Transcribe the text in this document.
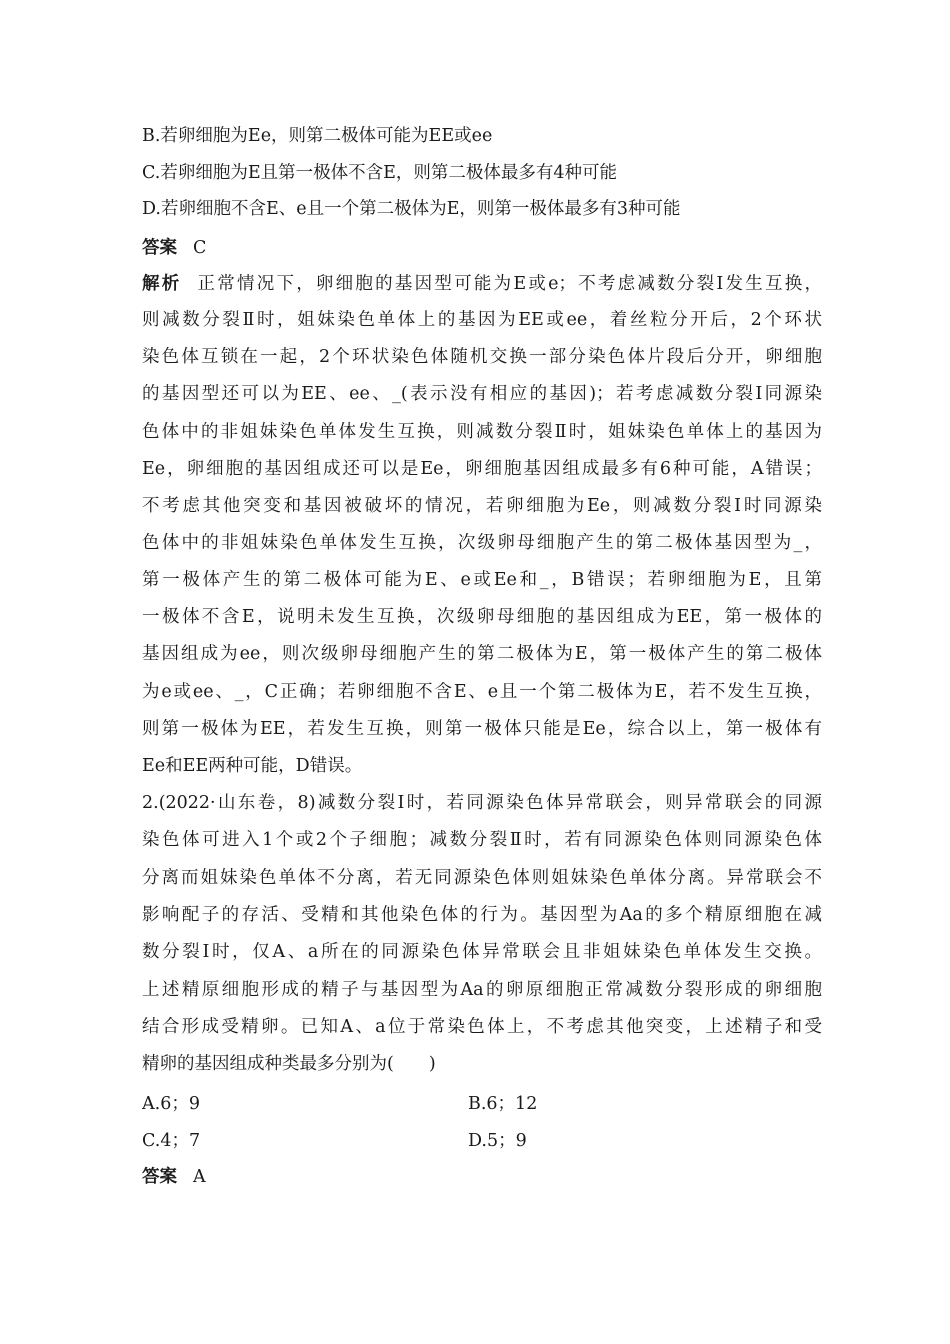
B.若卵细胞为Ee，则第二极体可能为EE或ee
C.若卵细胞为E且第一极体不含E，则第二极体最多有4种可能
D.若卵细胞不含E、e且一个第二极体为E，则第一极体最多有3种可能
答案 C
解析 正常情况下，卵细胞的基因型可能为E或e；不考虑减数分裂Ⅰ发生互换，
则减数分裂Ⅱ时，姐妹染色单体上的基因为EE或ee，着丝粒分开后，2个环状
染色体互锁在一起，2个环状染色体随机交换一部分染色体片段后分开，卵细胞
的基因型还可以为EE、ee、_(表示没有相应的基因)；若考虑减数分裂Ⅰ同源染
色体中的非姐妹染色单体发生互换，则减数分裂Ⅱ时，姐妹染色单体上的基因为
Ee，卵细胞的基因组成还可以是Ee，卵细胞基因组成最多有6种可能，A错误；
不考虑其他突变和基因被破坏的情况，若卵细胞为Ee，则减数分裂Ⅰ时同源染
色体中的非姐妹染色单体发生互换，次级卵母细胞产生的第二极体基因型为_，
第一极体产生的第二极体可能为E、e或Ee和_，B错误；若卵细胞为E，且第
一极体不含E，说明未发生互换，次级卵母细胞的基因组成为EE，第一极体的
基因组成为ee，则次级卵母细胞产生的第二极体为E，第一极体产生的第二极体
为e或ee、_，C正确；若卵细胞不含E、e且一个第二极体为E，若不发生互换，
则第一极体为EE，若发生互换，则第一极体只能是Ee，综合以上，第一极体有
Ee和EE两种可能，D错误。
2.(2022·山东卷，8)减数分裂Ⅰ时，若同源染色体异常联会，则异常联会的同源
染色体可进入1个或2个子细胞；减数分裂Ⅱ时，若有同源染色体则同源染色体
分离而姐妹染色单体不分离，若无同源染色体则姐妹染色单体分离。异常联会不
影响配子的存活、受精和其他染色体的行为。基因型为Aa的多个精原细胞在减
数分裂Ⅰ时，仅A、a所在的同源染色体异常联会且非姐妹染色单体发生交换。
上述精原细胞形成的精子与基因型为Aa的卵原细胞正常减数分裂形成的卵细胞
结合形成受精卵。已知A、a位于常染色体上，不考虑其他突变，上述精子和受
精卵的基因组成种类最多分别为(　　)
A.6；9	B.6；12
C.4；7	D.5；9
答案 A
